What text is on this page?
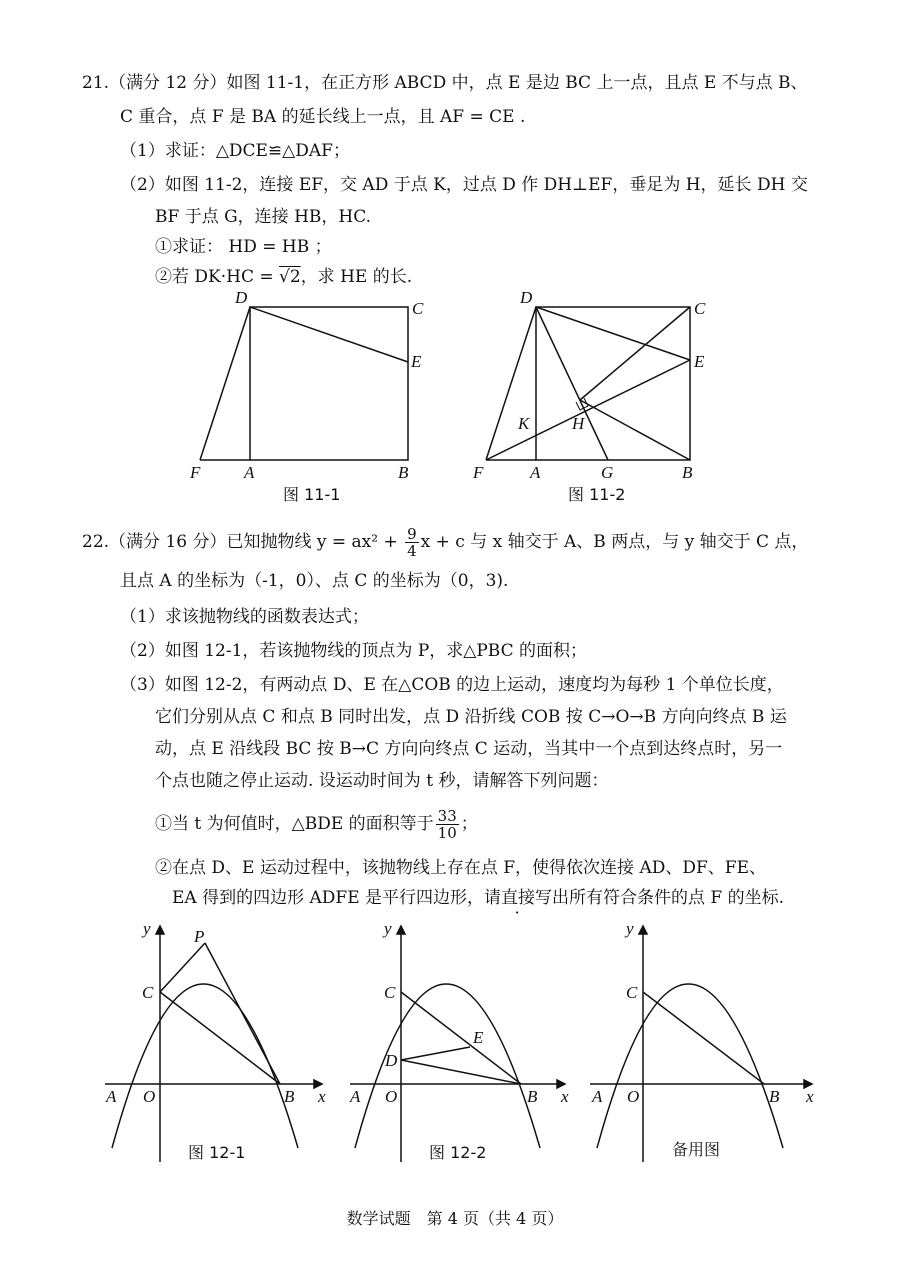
21.（满分 12 分）如图 11-1，在正方形 ABCD 中，点 E 是边 BC 上一点，且点 E 不与点 B、
C 重合，点 F 是 BA 的延长线上一点，且 AF = CE .
（1）求证：△DCE≌△DAF；
（2）如图 11-2，连接 EF，交 AD 于点 K，过点 D 作 DH⊥EF，垂足为 H，延长 DH 交
BF 于点 G，连接 HB，HC.
①求证： HD = HB ；
②若 DK·HC = √2，求 HE 的长.
D
C
E
F	A	B
图 11-1
D
C
E
K	H
F	A	G	B
图 11-2
22.（满分 16 分）已知抛物线 $y = ax^2 + \frac{9}{4}$ x + c 与 x 轴交于 A、B 两点，与 y 轴交于 C 点，
且点 A 的坐标为（-1，0）、点 C 的坐标为（0，3).
（1）求该抛物线的函数表达式；
（2）如图 12-1，若该抛物线的顶点为 P，求△PBC 的面积；
（3）如图 12-2，有两动点 D、E 在△COB 的边上运动，速度均为每秒 1 个单位长度，
它们分别从点 C 和点 B 同时出发，点 D 沿折线 COB 按 C→O→B 方向向终点 B 运
动，点 E 沿线段 BC 按 B→C 方向向终点 C 运动，当其中一个点到达终点时，另一
个点也随之停止运动. 设运动时间为 t 秒，请解答下列问题：
①当 t 为何值时，△BDE 的面积等于 $\frac{33}{10}$ ；
②在点 D、E 运动过程中，该抛物线上存在点 F，使得依次连接 AD、DF、FE、
EA 得到的四边形 ADFE 是平行四边形，请直接写出所有符合条件的点 F 的坐标.
y
x
P
C
A O	B
图 12-1
y
x
C
E
D
A O	B
图 12-2
y
x
C
A O	B
备用图
数学试题　第 4 页（共 4 页）
